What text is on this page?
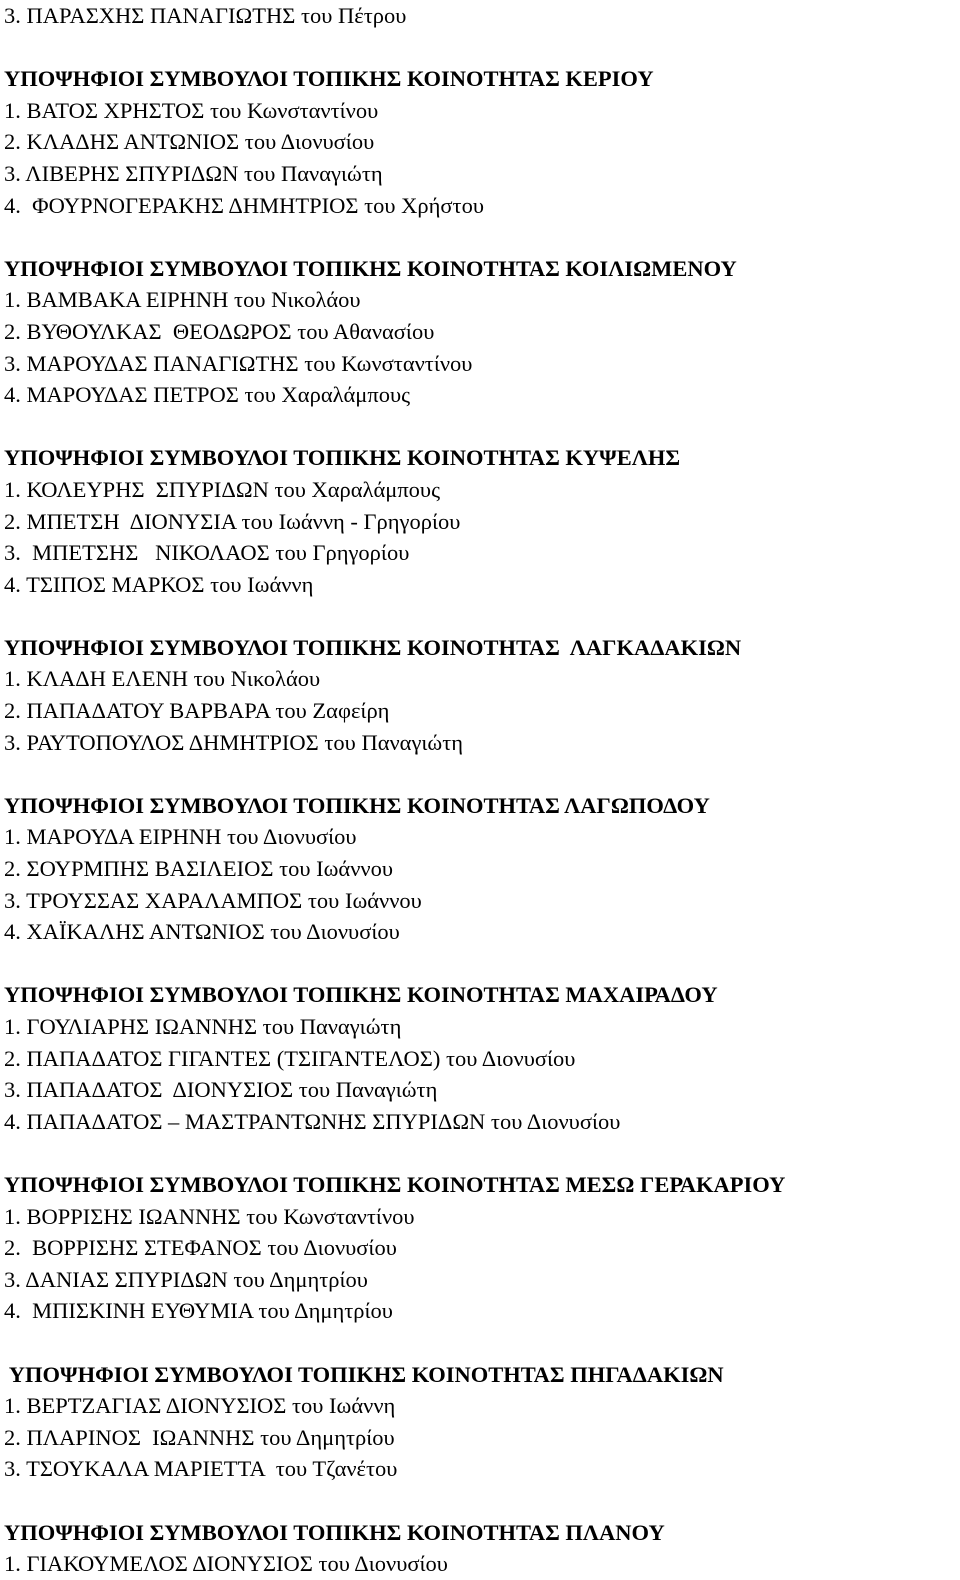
3. ΠΑΡΑΣΧΗΣ ΠΑΝΑΓΙΩΤΗΣ του Πέτρου
ΥΠΟΨΗΦΙΟΙ ΣΥΜΒΟΥΛΟΙ ΤΟΠΙΚΗΣ ΚΟΙΝΟΤΗΤΑΣ ΚΕΡΙΟΥ
1. ΒΑΤΟΣ ΧΡΗΣΤΟΣ του Κωνσταντίνου
2. ΚΛΑΔΗΣ ΑΝΤΩΝΙΟΣ του Διονυσίου
3. ΛΙΒΕΡΗΣ ΣΠΥΡΙΔΩΝ του Παναγιώτη
4.  ΦΟΥΡΝΟΓΕΡΑΚΗΣ ΔΗΜΗΤΡΙΟΣ του Χρήστου
ΥΠΟΨΗΦΙΟΙ ΣΥΜΒΟΥΛΟΙ ΤΟΠΙΚΗΣ ΚΟΙΝΟΤΗΤΑΣ ΚΟΙΛΙΩΜΕΝΟΥ
1. ΒΑΜΒΑΚΑ ΕΙΡΗΝΗ του Νικολάου
2. ΒΥΘΟΥΛΚΑΣ  ΘΕΟΔΩΡΟΣ του Αθανασίου
3. ΜΑΡΟΥΔΑΣ ΠΑΝΑΓΙΩΤΗΣ του Κωνσταντίνου
4. ΜΑΡΟΥΔΑΣ ΠΕΤΡΟΣ του Χαραλάμπους
ΥΠΟΨΗΦΙΟΙ ΣΥΜΒΟΥΛΟΙ ΤΟΠΙΚΗΣ ΚΟΙΝΟΤΗΤΑΣ ΚΥΨΕΛΗΣ
1. ΚΟΛΕΥΡΗΣ  ΣΠΥΡΙΔΩΝ του Χαραλάμπους
2. ΜΠΕΤΣΗ  ΔΙΟΝΥΣΙΑ του Ιωάννη - Γρηγορίου
3.  ΜΠΕΤΣΗΣ   ΝΙΚΟΛΑΟΣ του Γρηγορίου
4. ΤΣΙΠΟΣ ΜΑΡΚΟΣ του Ιωάννη
ΥΠΟΨΗΦΙΟΙ ΣΥΜΒΟΥΛΟΙ ΤΟΠΙΚΗΣ ΚΟΙΝΟΤΗΤΑΣ  ΛΑΓΚΑΔΑΚΙΩΝ
1. ΚΛΑΔΗ ΕΛΕΝΗ του Νικολάου
2. ΠΑΠΑΔΑΤΟΥ ΒΑΡΒΑΡΑ του Ζαφείρη
3. ΡΑΥΤΟΠΟΥΛΟΣ ΔΗΜΗΤΡΙΟΣ του Παναγιώτη
ΥΠΟΨΗΦΙΟΙ ΣΥΜΒΟΥΛΟΙ ΤΟΠΙΚΗΣ ΚΟΙΝΟΤΗΤΑΣ ΛΑΓΩΠΟΔΟΥ
1. ΜΑΡΟΥΔΑ ΕΙΡΗΝΗ του Διονυσίου
2. ΣΟΥΡΜΠΗΣ ΒΑΣΙΛΕΙΟΣ του Ιωάννου
3. ΤΡΟΥΣΣΑΣ ΧΑΡΑΛΑΜΠΟΣ του Ιωάννου
4. ΧΑΪΚΑΛΗΣ ΑΝΤΩΝΙΟΣ του Διονυσίου
ΥΠΟΨΗΦΙΟΙ ΣΥΜΒΟΥΛΟΙ ΤΟΠΙΚΗΣ ΚΟΙΝΟΤΗΤΑΣ ΜΑΧΑΙΡΑΔΟΥ
1. ΓΟΥΛΙΑΡΗΣ ΙΩΑΝΝΗΣ του Παναγιώτη
2. ΠΑΠΑΔΑΤΟΣ ΓΙΓΑΝΤΕΣ (ΤΣΙΓΑΝΤΕΛΟΣ) του Διονυσίου
3. ΠΑΠΑΔΑΤΟΣ  ΔΙΟΝΥΣΙΟΣ του Παναγιώτη
4. ΠΑΠΑΔΑΤΟΣ – ΜΑΣΤΡΑΝΤΩΝΗΣ ΣΠΥΡΙΔΩΝ του Διονυσίου
ΥΠΟΨΗΦΙΟΙ ΣΥΜΒΟΥΛΟΙ ΤΟΠΙΚΗΣ ΚΟΙΝΟΤΗΤΑΣ ΜΕΣΩ ΓΕΡΑΚΑΡΙΟΥ
1. ΒΟΡΡΙΣΗΣ ΙΩΑΝΝΗΣ του Κωνσταντίνου
2.  ΒΟΡΡΙΣΗΣ ΣΤΕΦΑΝΟΣ του Διονυσίου
3. ΔΑΝΙΑΣ ΣΠΥΡΙΔΩΝ του Δημητρίου
4.  ΜΠΙΣΚΙΝΗ ΕΥΘΥΜΙΑ του Δημητρίου
ΥΠΟΨΗΦΙΟΙ ΣΥΜΒΟΥΛΟΙ ΤΟΠΙΚΗΣ ΚΟΙΝΟΤΗΤΑΣ ΠΗΓΑΔΑΚΙΩΝ
1. ΒΕΡΤΖΑΓΙΑΣ ΔΙΟΝΥΣΙΟΣ του Ιωάννη
2. ΠΛΑΡΙΝΟΣ  ΙΩΑΝΝΗΣ του Δημητρίου
3. ΤΣΟΥΚΑΛΑ ΜΑΡΙΕΤΤΑ  του Τζανέτου
ΥΠΟΨΗΦΙΟΙ ΣΥΜΒΟΥΛΟΙ ΤΟΠΙΚΗΣ ΚΟΙΝΟΤΗΤΑΣ ΠΛΑΝΟΥ
1. ΓΙΑΚΟΥΜΕΛΟΣ ΔΙΟΝΥΣΙΟΣ του Διονυσίου
